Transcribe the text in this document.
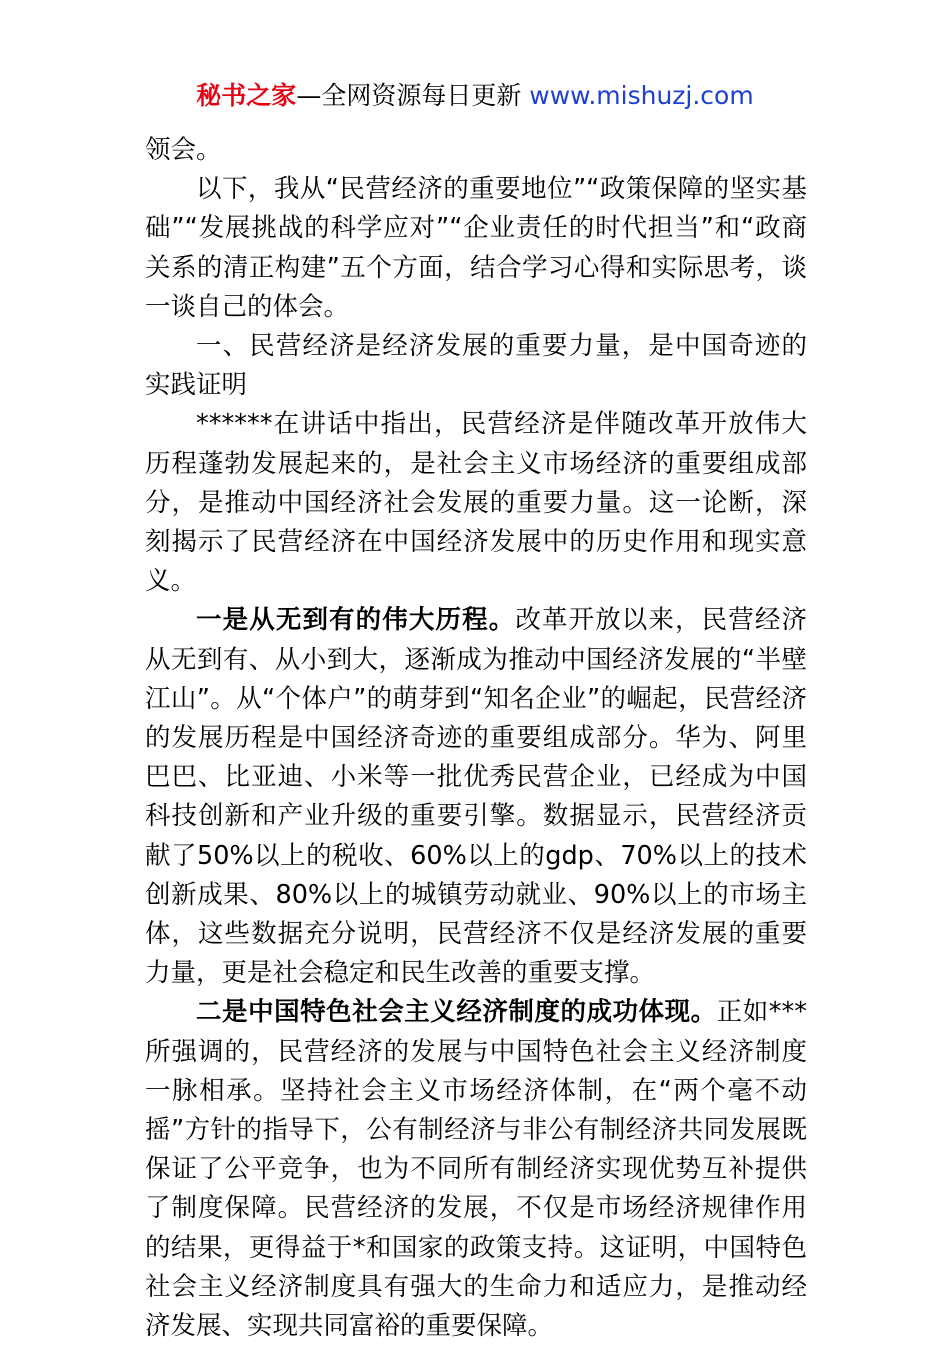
秘书之家—全网资源每日更新 www.mishuzj.com

领会。

以下，我从“民营经济的重要地位”“政策保障的坚实基础”“发展挑战的科学应对”“企业责任的时代担当”和“政商关系的清正构建”五个方面，结合学习心得和实际思考，谈一谈自己的体会。

一、民营经济是经济发展的重要力量，是中国奇迹的实践证明

******在讲话中指出，民营经济是伴随改革开放伟大历程蓬勃发展起来的，是社会主义市场经济的重要组成部分，是推动中国经济社会发展的重要力量。这一论断，深刻揭示了民营经济在中国经济发展中的历史作用和现实意义。

一是从无到有的伟大历程。改革开放以来，民营经济从无到有、从小到大，逐渐成为推动中国经济发展的“半壁江山”。从“个体户”的萌芽到“知名企业”的崛起，民营经济的发展历程是中国经济奇迹的重要组成部分。华为、阿里巴巴、比亚迪、小米等一批优秀民营企业，已经成为中国科技创新和产业升级的重要引擎。数据显示，民营经济贡献了50%以上的税收、60%以上的gdp、70%以上的技术创新成果、80%以上的城镇劳动就业、90%以上的市场主体，这些数据充分说明，民营经济不仅是经济发展的重要力量，更是社会稳定和民生改善的重要支撑。

二是中国特色社会主义经济制度的成功体现。正如***所强调的，民营经济的发展与中国特色社会主义经济制度一脉相承。坚持社会主义市场经济体制，在“两个毫不动摇”方针的指导下，公有制经济与非公有制经济共同发展既保证了公平竞争，也为不同所有制经济实现优势互补提供了制度保障。民营经济的发展，不仅是市场经济规律作用的结果，更得益于*和国家的政策支持。这证明，中国特色社会主义经济制度具有强大的生命力和适应力，是推动经济发展、实现共同富裕的重要保障。
